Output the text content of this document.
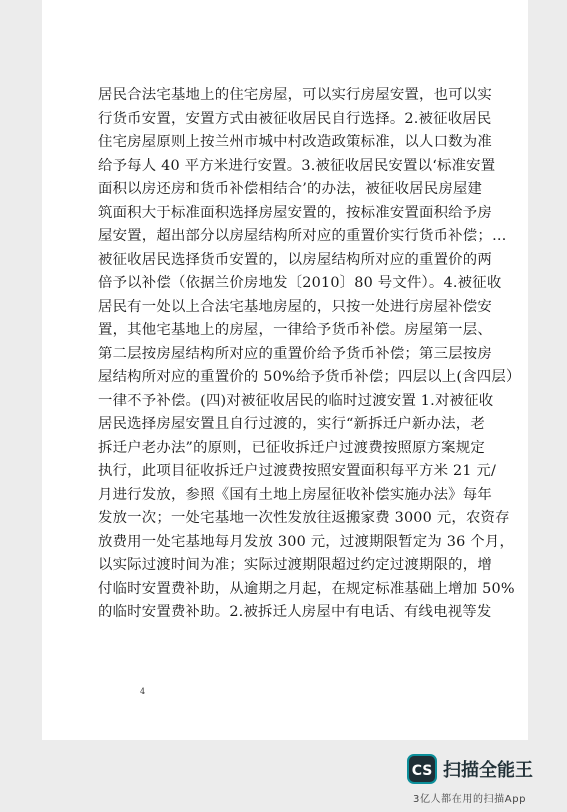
居民合法宅基地上的住宅房屋，可以实行房屋安置，也可以实

行货币安置，安置方式由被征收居民自行选择。2.被征收居民

住宅房屋原则上按兰州市城中村改造政策标准，以人口数为准

给予每人 40 平方米进行安置。3.被征收居民安置以‘标准安置

面积以房还房和货币补偿相结合’的办法，被征收居民房屋建

筑面积大于标准面积选择房屋安置的，按标准安置面积给予房

屋安置，超出部分以房屋结构所对应的重置价实行货币补偿；…

被征收居民选择货币安置的，以房屋结构所对应的重置价的两

倍予以补偿（依据兰价房地发〔2010〕80 号文件）。4.被征收

居民有一处以上合法宅基地房屋的，只按一处进行房屋补偿安

置，其他宅基地上的房屋，一律给予货币补偿。房屋第一层、

第二层按房屋结构所对应的重置价给予货币补偿；第三层按房

屋结构所对应的重置价的 50%给予货币补偿；四层以上(含四层）

一律不予补偿。(四)对被征收居民的临时过渡安置 1.对被征收

居民选择房屋安置且自行过渡的，实行“新拆迁户新办法，老

拆迁户老办法”的原则，已征收拆迁户过渡费按照原方案规定

执行，此项目征收拆迁户过渡费按照安置面积每平方米 21 元/

月进行发放，参照《国有土地上房屋征收补偿实施办法》每年

发放一次；一处宅基地一次性发放往返搬家费 3000 元，农资存

放费用一处宅基地每月发放 300 元，过渡期限暂定为 36 个月，

以实际过渡时间为准；实际过渡期限超过约定过渡期限的，增

付临时安置费补助，从逾期之月起，在规定标准基础上增加 50%

的临时安置费补助。2.被拆迁人房屋中有电话、有线电视等发

4
CS 扫描全能王
3亿人都在用的扫描App
